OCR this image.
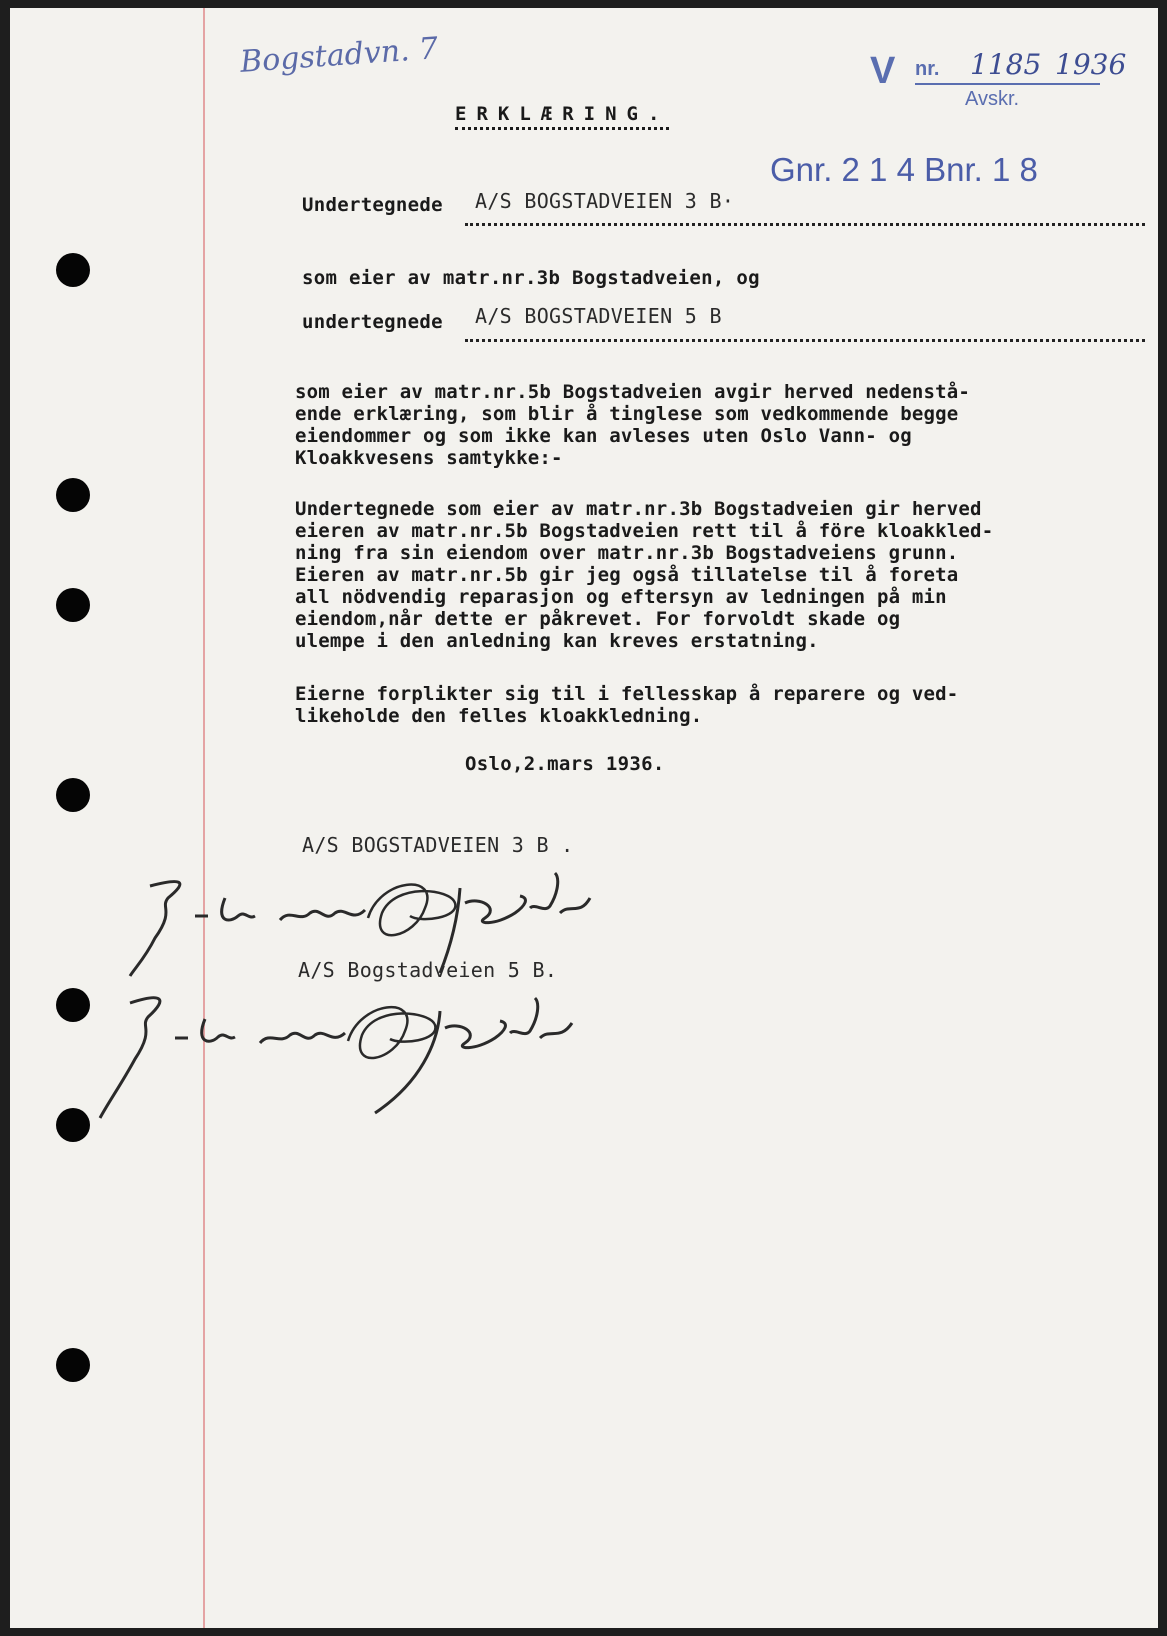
Bogstadvn. 7	V nr. 1185 1936
Avskr.
Gnr. 2 1 4 Bnr. 1 8
ERKLÆRING.
Undertegnede A/S BOGSTADVEIEN 3 B·
som eier av matr.nr.3b Bogstadveien, og
undertegnede A/S BOGSTADVEIEN 5 B
som eier av matr.nr.5b Bogstadveien avgir herved nedenstå-
ende erklæring, som blir å tinglese som vedkommende begge
eiendommer og som ikke kan avleses uten Oslo Vann- og
Kloakkvesens samtykke:-
Undertegnede som eier av matr.nr.3b Bogstadveien gir herved
eieren av matr.nr.5b Bogstadveien rett til å före kloakkled-
ning fra sin eiendom over matr.nr.3b Bogstadveiens grunn.
Eieren av matr.nr.5b gir jeg også tillatelse til å foreta
all nödvendig reparasjon og eftersyn av ledningen på min
eiendom,når dette er påkrevet. For forvoldt skade og
ulempe i den anledning kan kreves erstatning.
Eierne forplikter sig til i fellesskap å reparere og ved-
likeholde den felles kloakkledning.
Oslo,2.mars 1936.
A/S BOGSTADVEIEN 3 B .
A/S Bogstadveien 5 B.
